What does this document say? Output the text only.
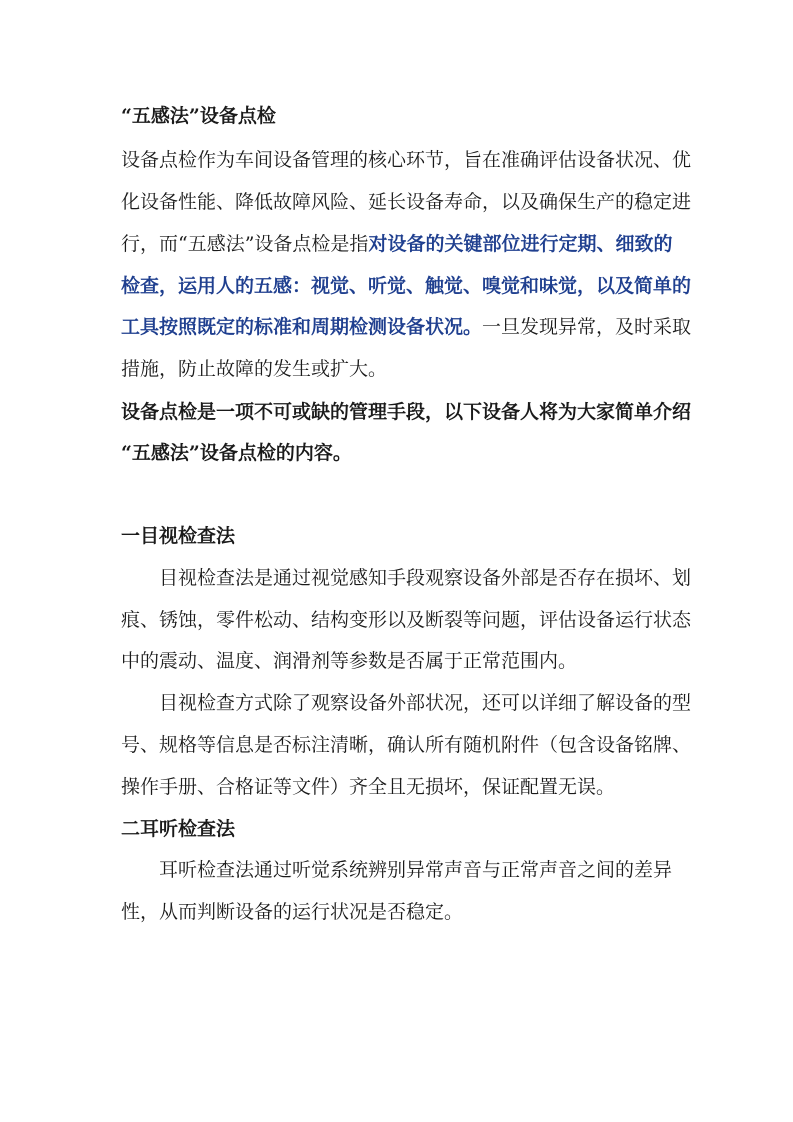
“五感法”设备点检
设备点检作为车间设备管理的核心环节，旨在准确评估设备状况、优
化设备性能、降低故障风险、延长设备寿命，以及确保生产的稳定进
行，而“五感法”设备点检是指对设备的关键部位进行定期、细致的
检查，运用人的五感：视觉、听觉、触觉、嗅觉和味觉，以及简单的
工具按照既定的标准和周期检测设备状况。一旦发现异常，及时采取
措施，防止故障的发生或扩大。
设备点检是一项不可或缺的管理手段，以下设备人将为大家简单介绍
“五感法”设备点检的内容。
一目视检查法
目视检查法是通过视觉感知手段观察设备外部是否存在损坏、划
痕、锈蚀，零件松动、结构变形以及断裂等问题，评估设备运行状态
中的震动、温度、润滑剂等参数是否属于正常范围内。
目视检查方式除了观察设备外部状况，还可以详细了解设备的型
号、规格等信息是否标注清晰，确认所有随机附件（包含设备铭牌、
操作手册、合格证等文件）齐全且无损坏，保证配置无误。
二耳听检查法
耳听检查法通过听觉系统辨别异常声音与正常声音之间的差异
性，从而判断设备的运行状况是否稳定。
